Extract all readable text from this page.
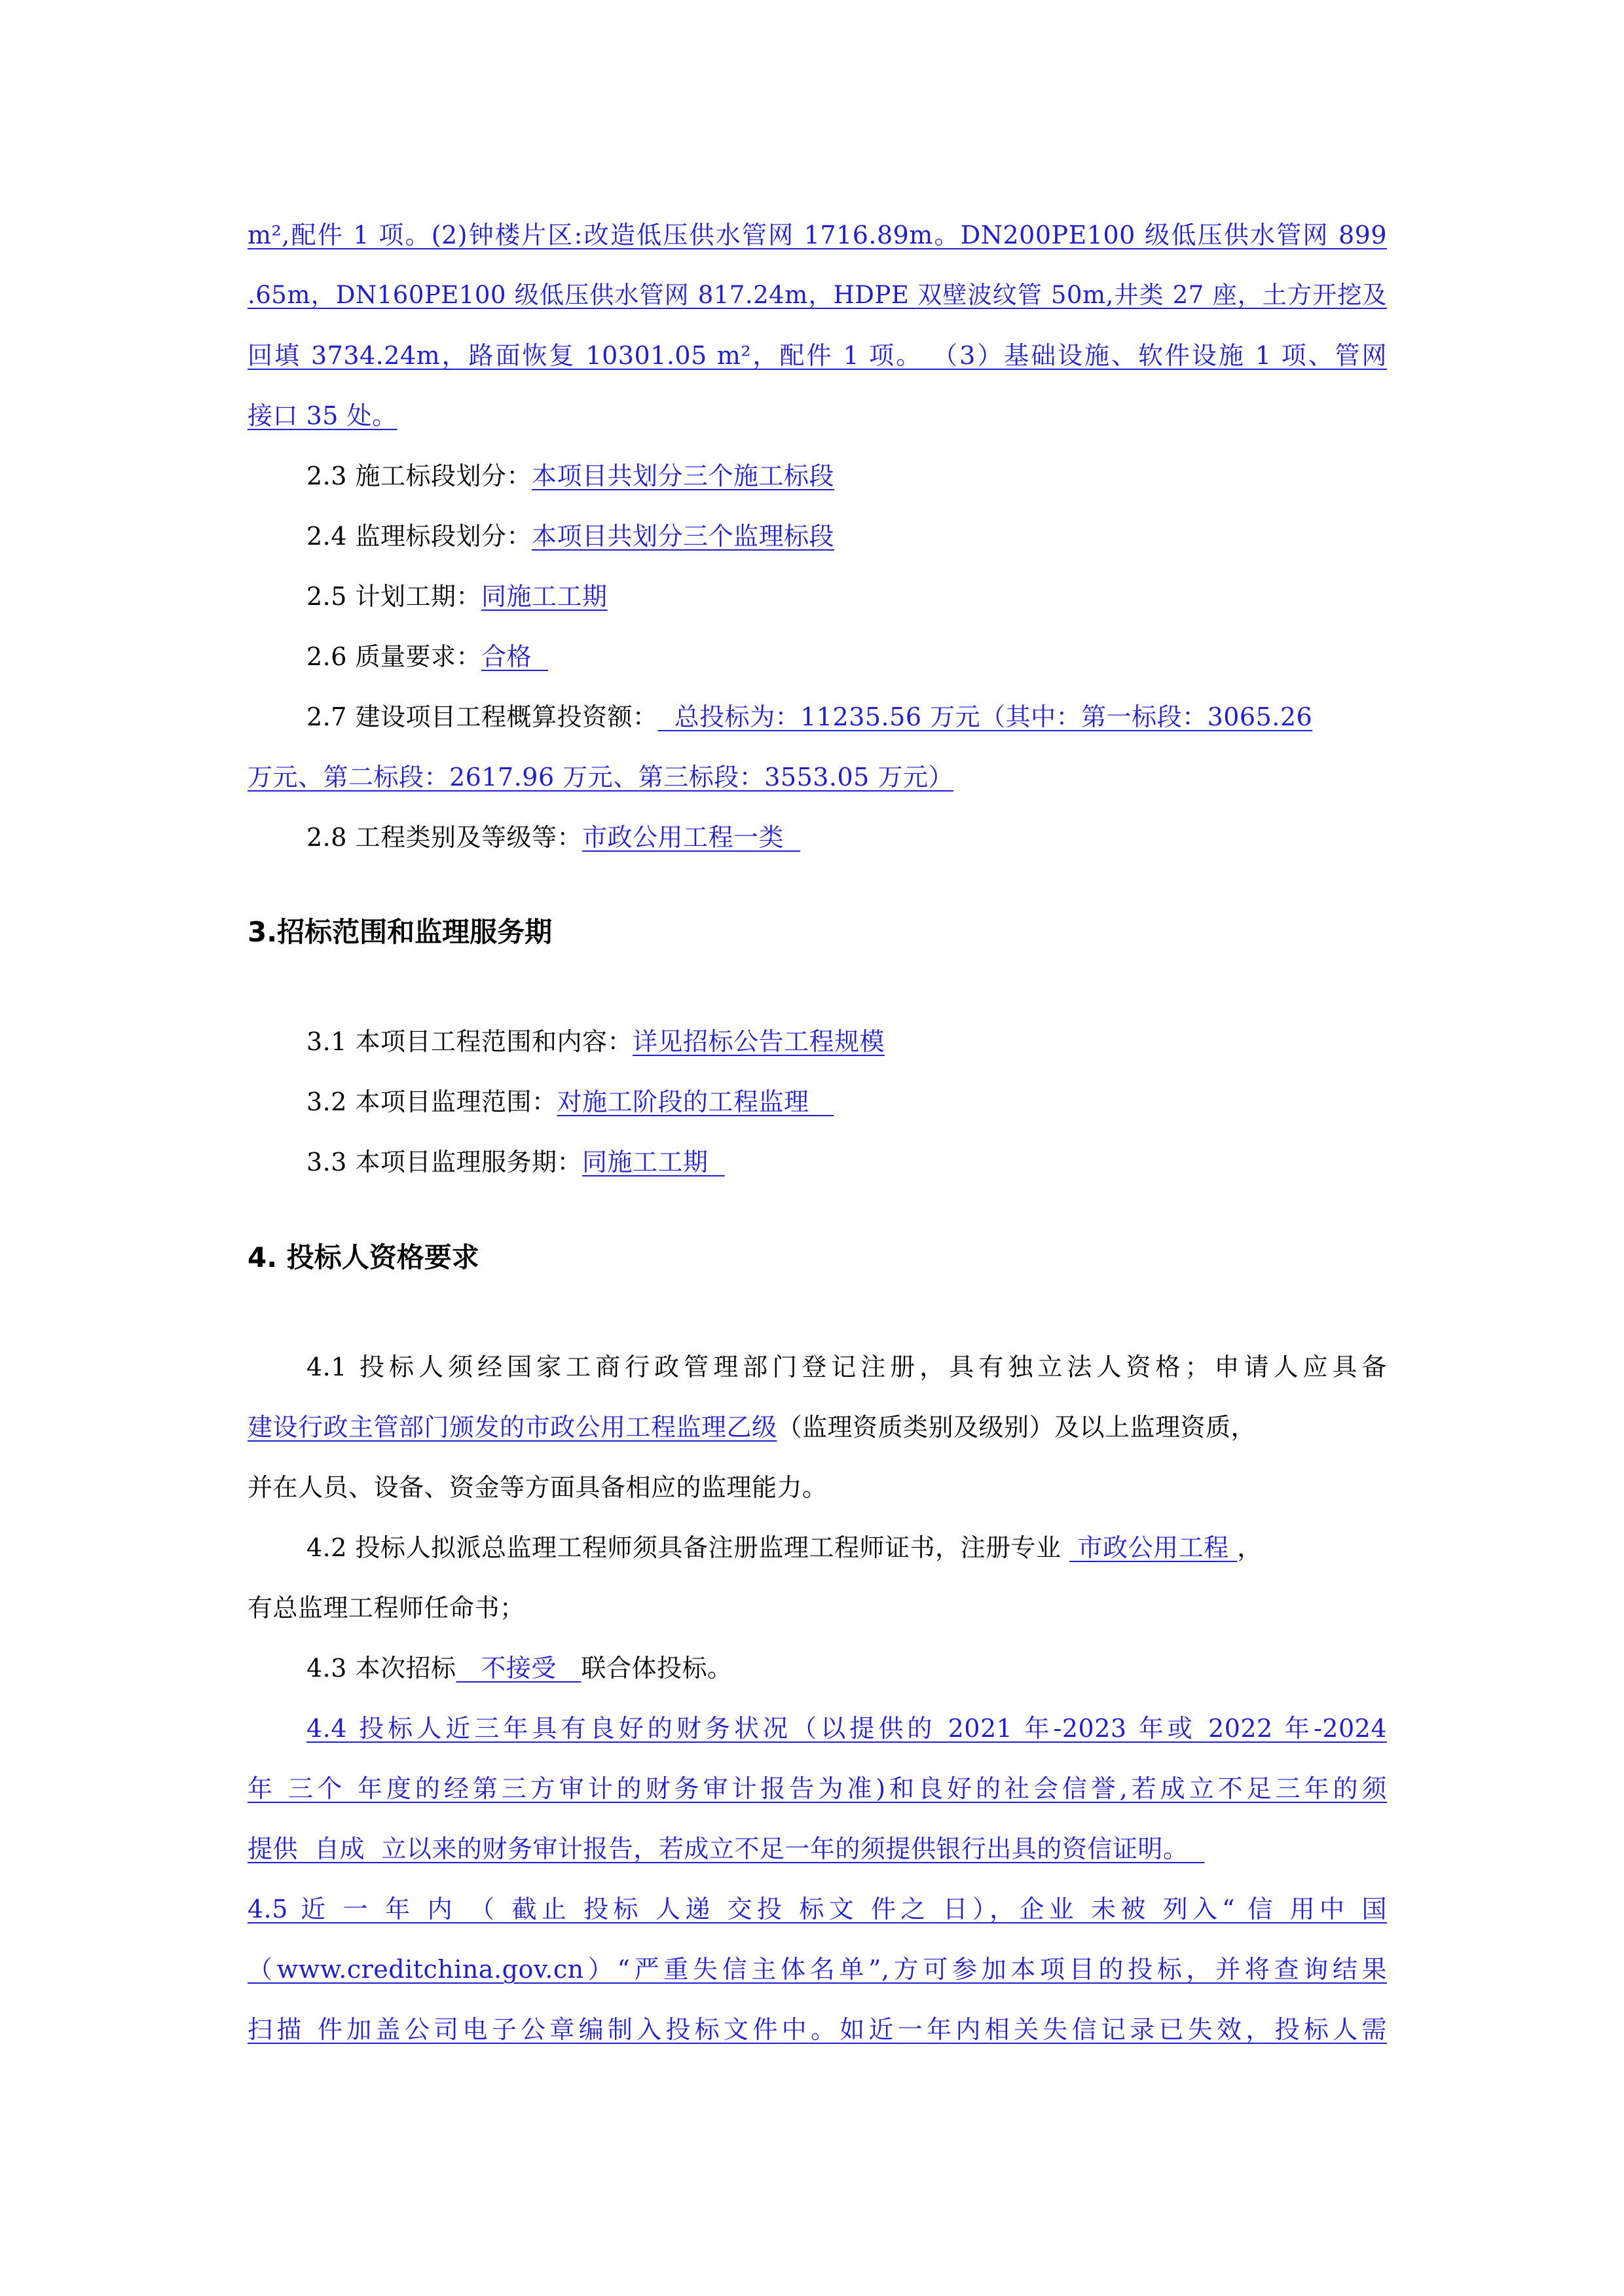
m²,配件 1 项。(2)钟楼片区:改造低压供水管网 1716.89m。DN200PE100 级低压供水管网 899
.65m，DN160PE100 级低压供水管网 817.24m，HDPE 双壁波纹管 50m,井类 27 座，土方开挖及
回填 3734.24m，路面恢复 10301.05 m²，配件 1 项。 （3）基础设施、软件设施 1 项、管网
接口 35 处。
2.3 施工标段划分：本项目共划分三个施工标段
2.4 监理标段划分：本项目共划分三个监理标段
2.5 计划工期：同施工工期
2.6 质量要求：合格
2.7 建设项目工程概算投资额：  总投标为：11235.56 万元（其中：第一标段：3065.26
万元、第二标段：2617.96 万元、第三标段：3553.05 万元）
2.8 工程类别及等级等：市政公用工程一类
3.招标范围和监理服务期
3.1 本项目工程范围和内容：详见招标公告工程规模
3.2 本项目监理范围：对施工阶段的工程监理
3.3 本项目监理服务期：同施工工期
4. 投标人资格要求
4.1 投标人须经国家工商行政管理部门登记注册，具有独立法人资格；申请人应具备
建设行政主管部门颁发的市政公用工程监理乙级（监理资质类别及级别）及以上监理资质，
并在人员、设备、资金等方面具备相应的监理能力。
4.2 投标人拟派总监理工程师须具备注册监理工程师证书，注册专业  市政公用工程 ，
有总监理工程师任命书；
4.3 本次招标   不接受   联合体投标。
4.4 投标人近三年具有良好的财务状况（以提供的 2021 年-2023 年或 2022 年-2024
年 三个 年度的经第三方审计的财务审计报告为准)和良好的社会信誉,若成立不足三年的须
提供  自成  立以来的财务审计报告，若成立不足一年的须提供银行出具的资信证明。
4.5 近 一 年 内 （ 截止 投标 人递 交投 标文 件之 日），企业 未被 列入“ 信 用中 国
（www.creditchina.gov.cn）“严重失信主体名单”,方可参加本项目的投标，并将查询结果
扫描 件加盖公司电子公章编制入投标文件中。如近一年内相关失信记录已失效，投标人需
